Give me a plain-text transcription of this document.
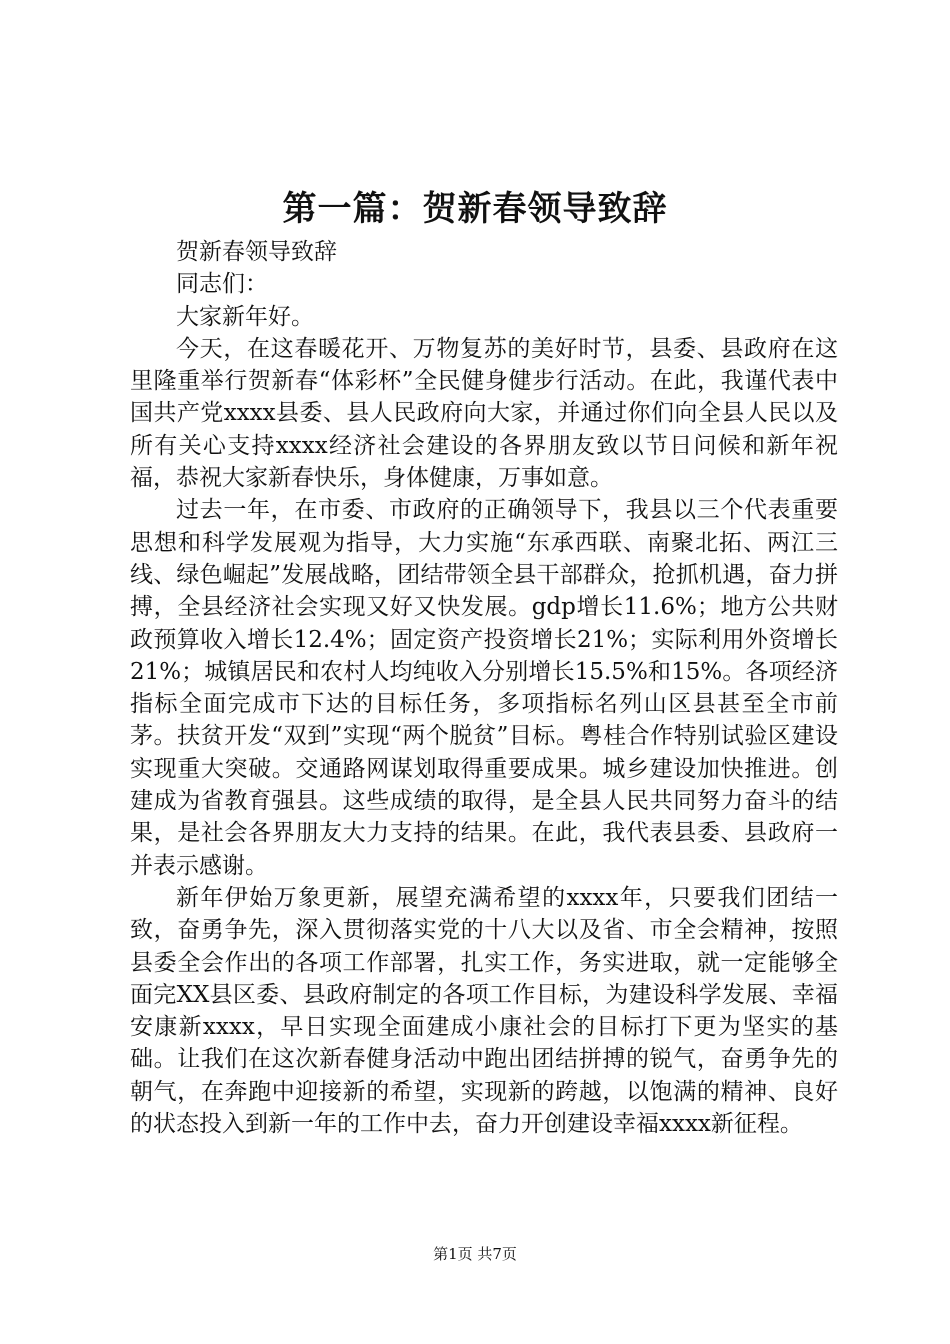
第一篇：贺新春领导致辞

贺新春领导致辞

同志们：

大家新年好。

今天，在这春暖花开、万物复苏的美好时节，县委、县政府在这里隆重举行贺新春“体彩杯”全民健身健步行活动。在此，我谨代表中国共产党xxxx县委、县人民政府向大家，并通过你们向全县人民以及所有关心支持xxxx经济社会建设的各界朋友致以节日问候和新年祝福，恭祝大家新春快乐，身体健康，万事如意。

过去一年，在市委、市政府的正确领导下，我县以三个代表重要思想和科学发展观为指导，大力实施“东承西联、南聚北拓、两江三线、绿色崛起”发展战略，团结带领全县干部群众，抢抓机遇，奋力拼搏，全县经济社会实现又好又快发展。gdp增长11.6%；地方公共财政预算收入增长12.4%；固定资产投资增长21%；实际利用外资增长21%；城镇居民和农村人均纯收入分别增长15.5%和15%。各项经济指标全面完成市下达的目标任务，多项指标名列山区县甚至全市前茅。扶贫开发“双到”实现“两个脱贫”目标。粤桂合作特别试验区建设实现重大突破。交通路网谋划取得重要成果。城乡建设加快推进。创建成为省教育强县。这些成绩的取得，是全县人民共同努力奋斗的结果，是社会各界朋友大力支持的结果。在此，我代表县委、县政府一并表示感谢。

新年伊始万象更新，展望充满希望的xxxx年，只要我们团结一致，奋勇争先，深入贯彻落实党的十八大以及省、市全会精神，按照县委全会作出的各项工作部署，扎实工作，务实进取，就一定能够全面完XX县区委、县政府制定的各项工作目标，为建设科学发展、幸福安康新xxxx，早日实现全面建成小康社会的目标打下更为坚实的基础。让我们在这次新春健身活动中跑出团结拼搏的锐气，奋勇争先的朝气，在奔跑中迎接新的希望，实现新的跨越，以饱满的精神、良好的状态投入到新一年的工作中去，奋力开创建设幸福xxxx新征程。

第1页 共7页
